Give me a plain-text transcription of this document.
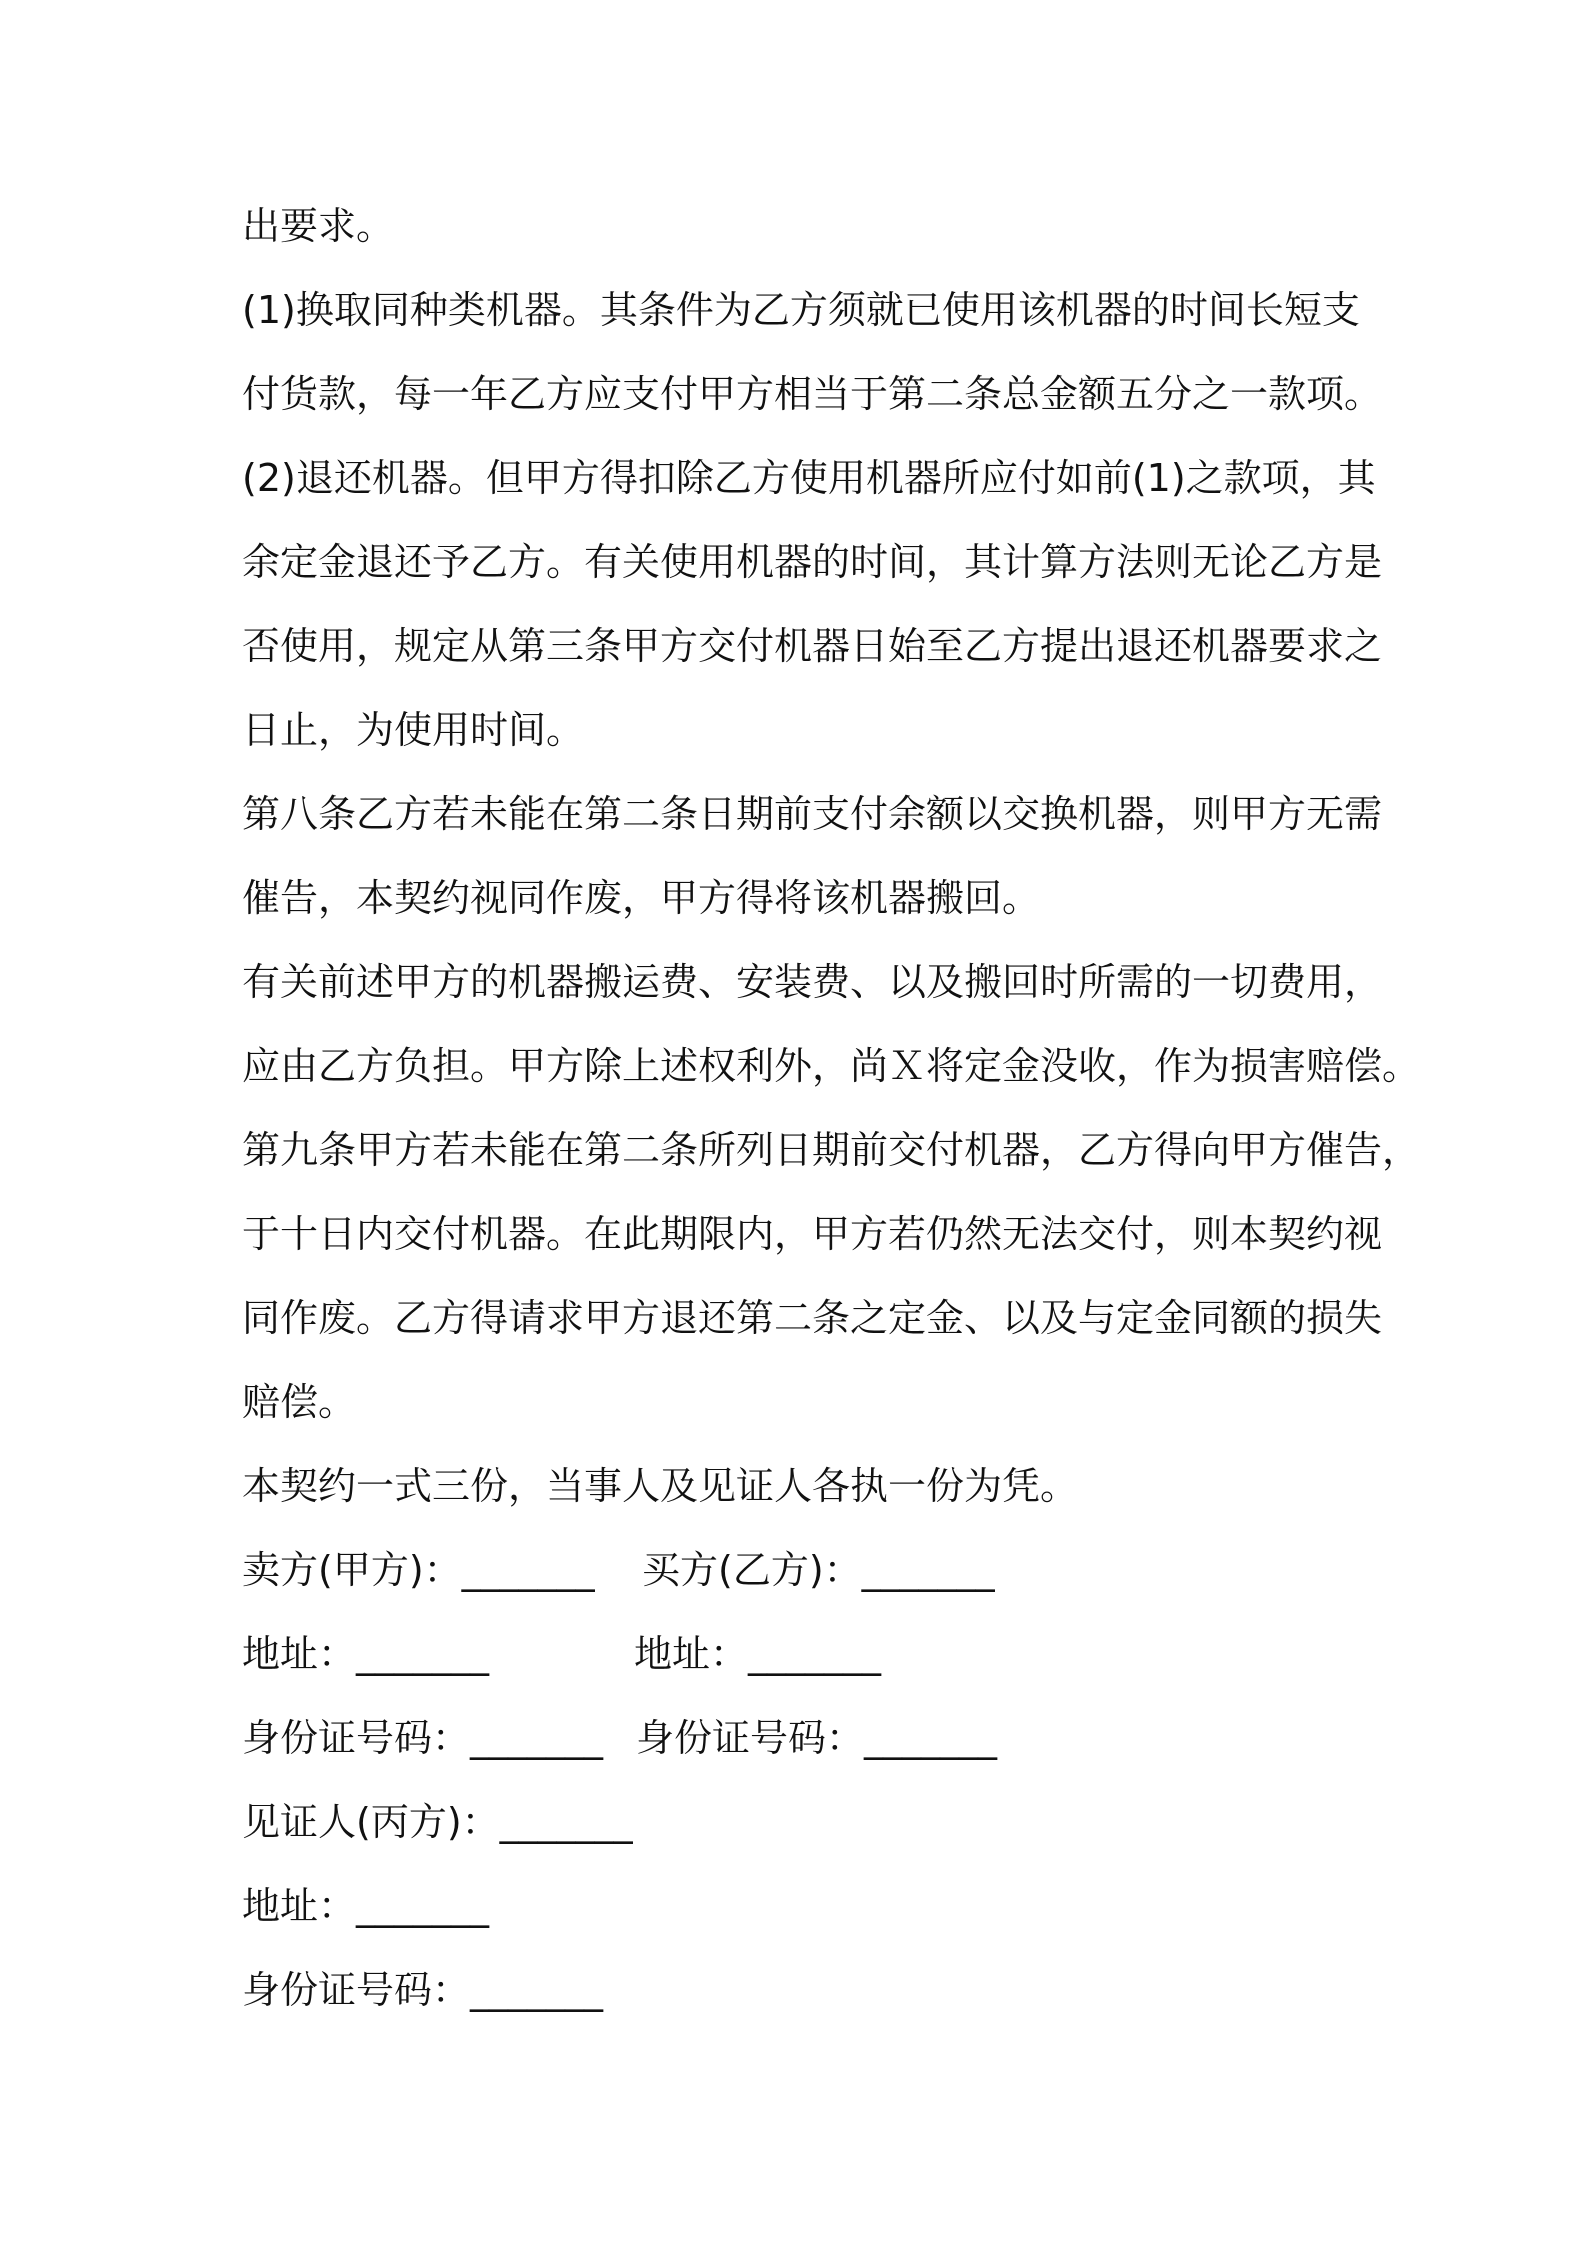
出要求。
(1)换取同种类机器。其条件为乙方须就已使用该机器的时间长短支
付货款，每一年乙方应支付甲方相当于第二条总金额五分之一款项。
(2)退还机器。但甲方得扣除乙方使用机器所应付如前(1)之款项，其
余定金退还予乙方。有关使用机器的时间，其计算方法则无论乙方是
否使用，规定从第三条甲方交付机器日始至乙方提出退还机器要求之
日止，为使用时间。
第八条乙方若未能在第二条日期前支付余额以交换机器，则甲方无需
催告，本契约视同作废，甲方得将该机器搬回。
有关前述甲方的机器搬运费、安装费、以及搬回时所需的一切费用，
应由乙方负担。甲方除上述权利外，尚Ｘ将定金没收，作为损害赔偿。
第九条甲方若未能在第二条所列日期前交付机器，乙方得向甲方催告，
于十日内交付机器。在此期限内，甲方若仍然无法交付，则本契约视
同作废。乙方得请求甲方退还第二条之定金、以及与定金同额的损失
赔偿。
本契约一式三份，当事人及见证人各执一份为凭。
卖方(甲方)：_______ 买方(乙方)：_______
地址：_______	地址：_______
身份证号码：_______ 身份证号码：_______
见证人(丙方)：_______
地址：_______
身份证号码：_______
